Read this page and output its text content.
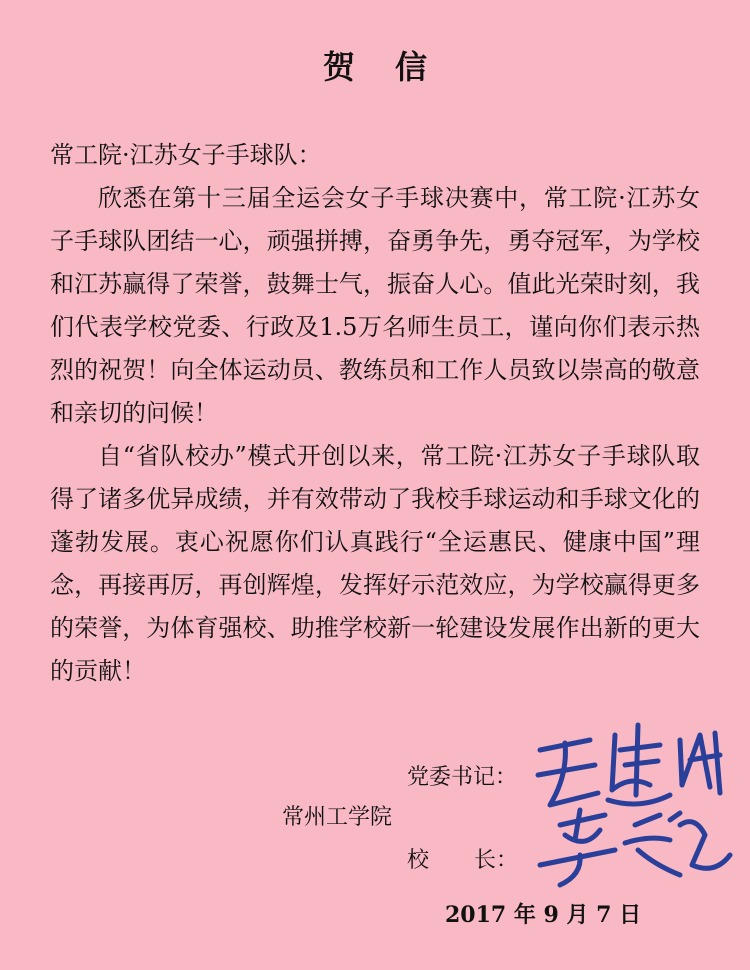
贺信

常工院·江苏女子手球队：

欣悉在第十三届全运会女子手球决赛中，常工院·江苏女子手球队团结一心，顽强拼搏，奋勇争先，勇夺冠军，为学校和江苏赢得了荣誉，鼓舞士气，振奋人心。值此光荣时刻，我们代表学校党委、行政及1.5万名师生员工，谨向你们表示热烈的祝贺！向全体运动员、教练员和工作人员致以崇高的敬意和亲切的问候！

自“省队校办”模式开创以来，常工院·江苏女子手球队取得了诸多优异成绩，并有效带动了我校手球运动和手球文化的蓬勃发展。衷心祝愿你们认真践行“全运惠民、健康中国”理念，再接再厉，再创辉煌，发挥好示范效应，为学校赢得更多的荣誉，为体育强校、助推学校新一轮建设发展作出新的更大的贡献！

党委书记：
常州工学院
校 长：
2017 年 9 月 7 日
